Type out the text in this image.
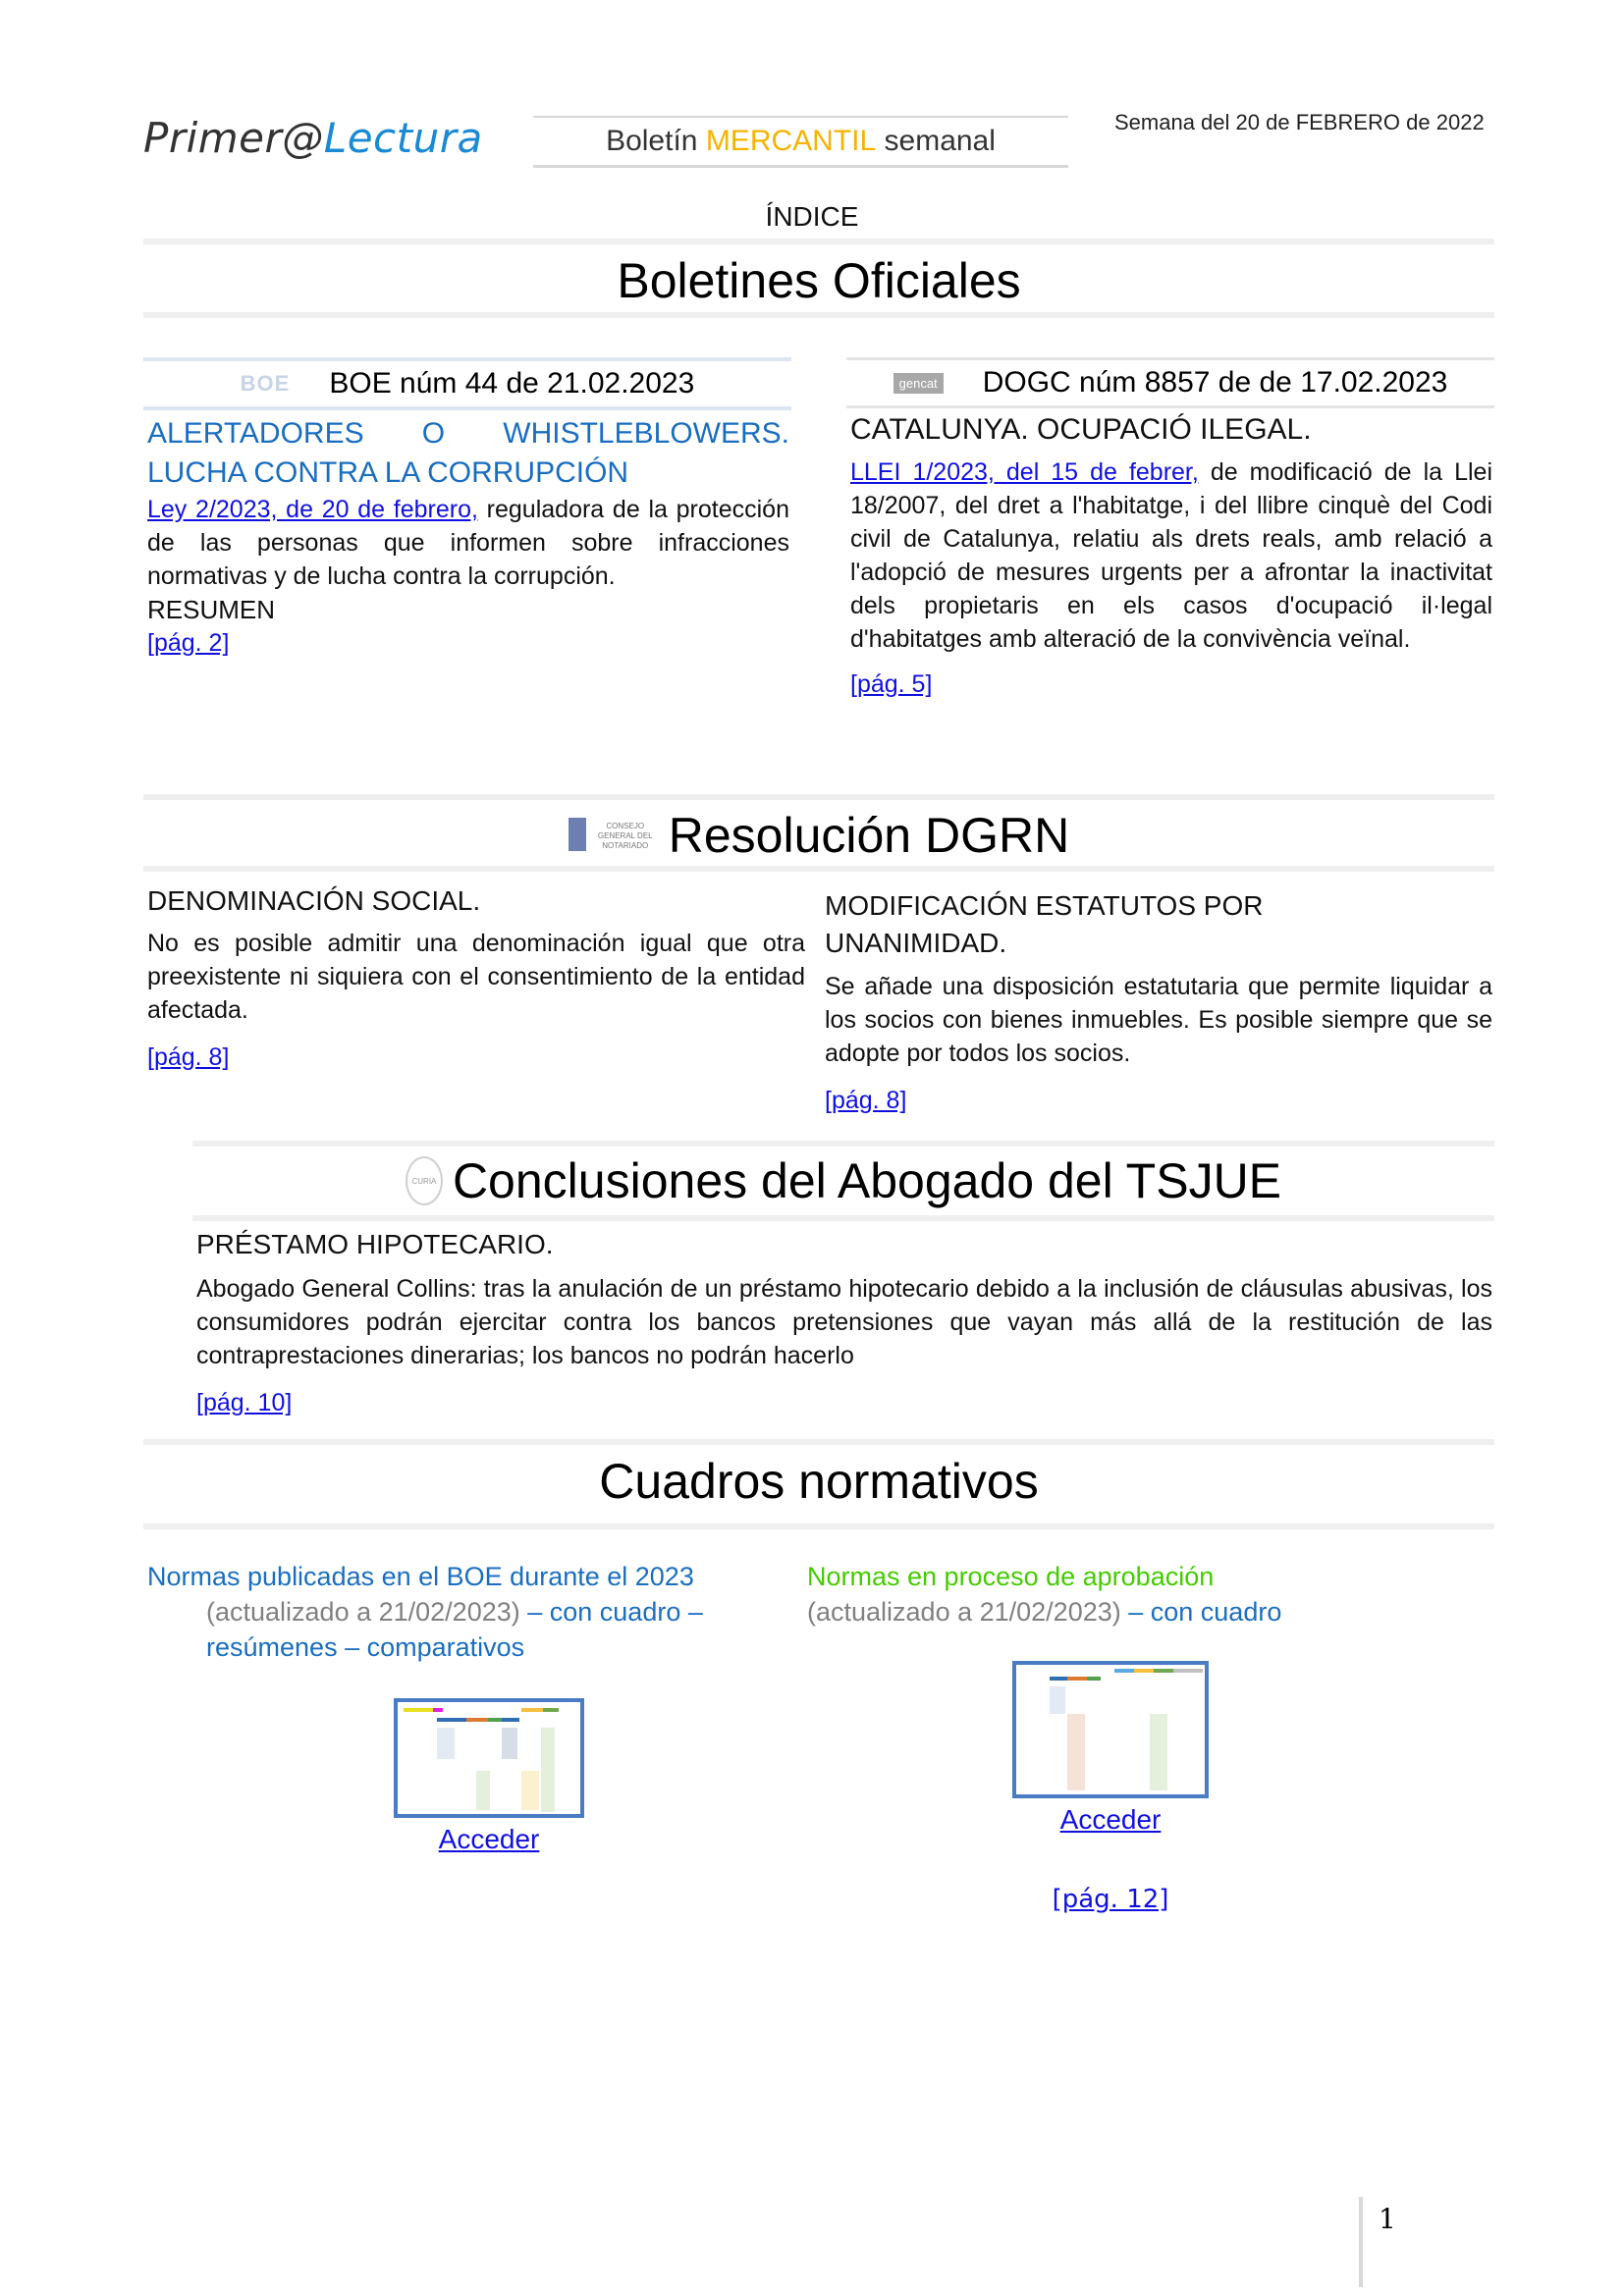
Primer@Lectura	Boletín
MERCANTIL
semanal
Semana del 20 de FEBRERO de 2022
ÍNDICE
Boletines Oficiales
BOE BOE núm 44 de 21.02.2023
ALERTADORES O WHISTLEBLOWERS. LUCHA CONTRA LA CORRUPCIÓN
Ley 2/2023, de 20 de febrero, reguladora de la protección de las personas que informen sobre infracciones normativas y de lucha contra la corrupción.
RESUMEN
[pág. 2]
gencat DOGC núm 8857 de de 17.02.2023
CATALUNYA. OCUPACIÓ ILEGAL.
LLEI 1/2023, del 15 de febrer, de modificació de la Llei 18/2007, del dret a l'habitatge, i del llibre cinquè del Codi civil de Catalunya, relatiu als drets reals, amb relació a l'adopció de mesures urgents per a afrontar la inactivitat dels propietaris en els casos d'ocupació il·legal d'habitatges amb alteració de la convivència veïnal.
[pág. 5]
CONSEJO GENERAL DEL NOTARIADO Resolución DGRN
DENOMINACIÓN SOCIAL.
No es posible admitir una denominación igual que otra preexistente ni siquiera con el consentimiento de la entidad afectada.
[pág. 8]
MODIFICACIÓN ESTATUTOS POR UNANIMIDAD.
Se añade una disposición estatutaria que permite liquidar a los socios con bienes inmuebles. Es posible siempre que se adopte por todos los socios.
[pág. 8]
CURIA Conclusiones del Abogado del TSJUE
PRÉSTAMO HIPOTECARIO.
Abogado General Collins: tras la anulación de un préstamo hipotecario debido a la inclusión de cláusulas abusivas, los consumidores podrán ejercitar contra los bancos pretensiones que vayan más allá de la restitución de las contraprestaciones dinerarias; los bancos no podrán hacerlo
[pág. 10]
Cuadros normativos
Normas publicadas en el BOE durante el 2023
(actualizado a 21/02/2023) – con cuadro – resúmenes – comparativos
Acceder
Normas en proceso de aprobación
(actualizado a 21/02/2023) – con cuadro
Acceder
[pág. 12]
1
